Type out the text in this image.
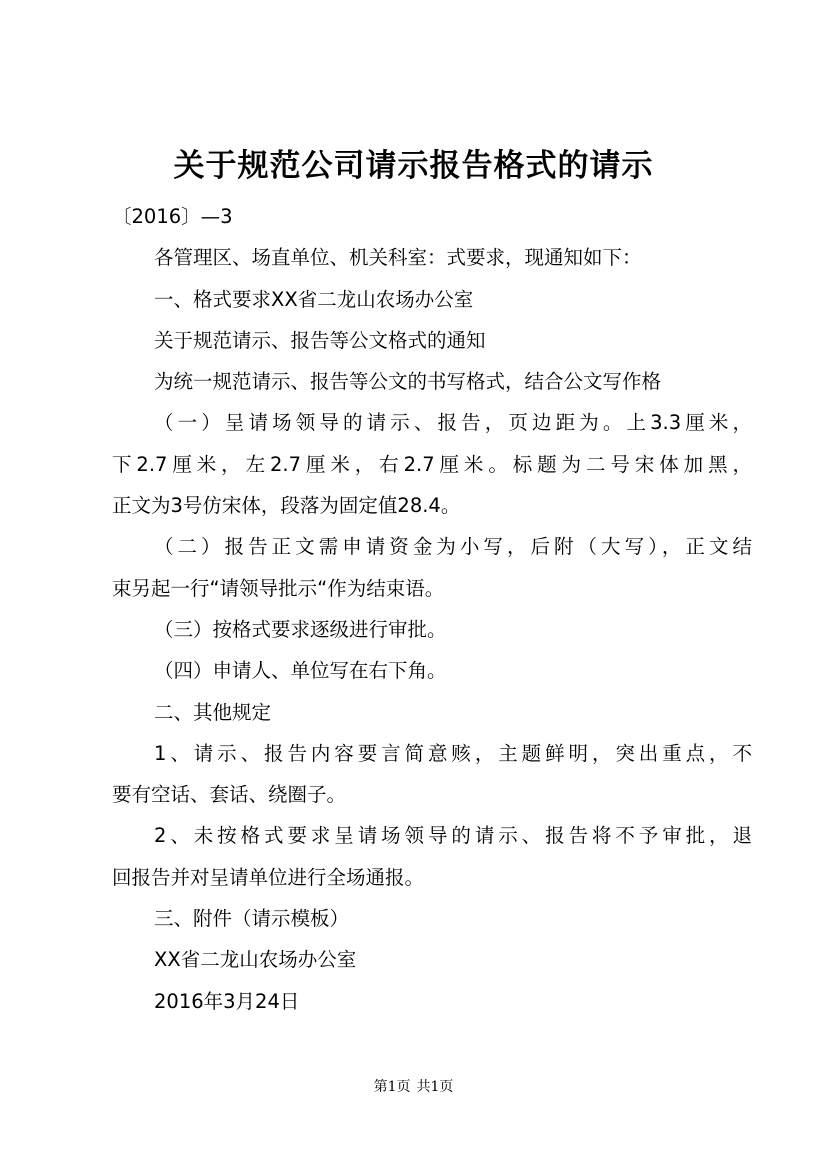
关于规范公司请示报告格式的请示
〔2016〕—3
各管理区、场直单位、机关科室：式要求，现通知如下：
一、格式要求XX省二龙山农场办公室
关于规范请示、报告等公文格式的通知
为统一规范请示、报告等公文的书写格式，结合公文写作格
（一）呈请场领导的请示、报告，页边距为。上3.3厘米，
下2.7厘米，左2.7厘米，右2.7厘米。标题为二号宋体加黑，
正文为3号仿宋体，段落为固定值28.4。
（二）报告正文需申请资金为小写，后附（大写），正文结
束另起一行“请领导批示“作为结束语。
（三）按格式要求逐级进行审批。
（四）申请人、单位写在右下角。
二、其他规定
1、请示、报告内容要言简意赅，主题鲜明，突出重点，不
要有空话、套话、绕圈子。
2、未按格式要求呈请场领导的请示、报告将不予审批，退
回报告并对呈请单位进行全场通报。
三、附件（请示模板）
XX省二龙山农场办公室
2016年3月24日
第1页 共1页
